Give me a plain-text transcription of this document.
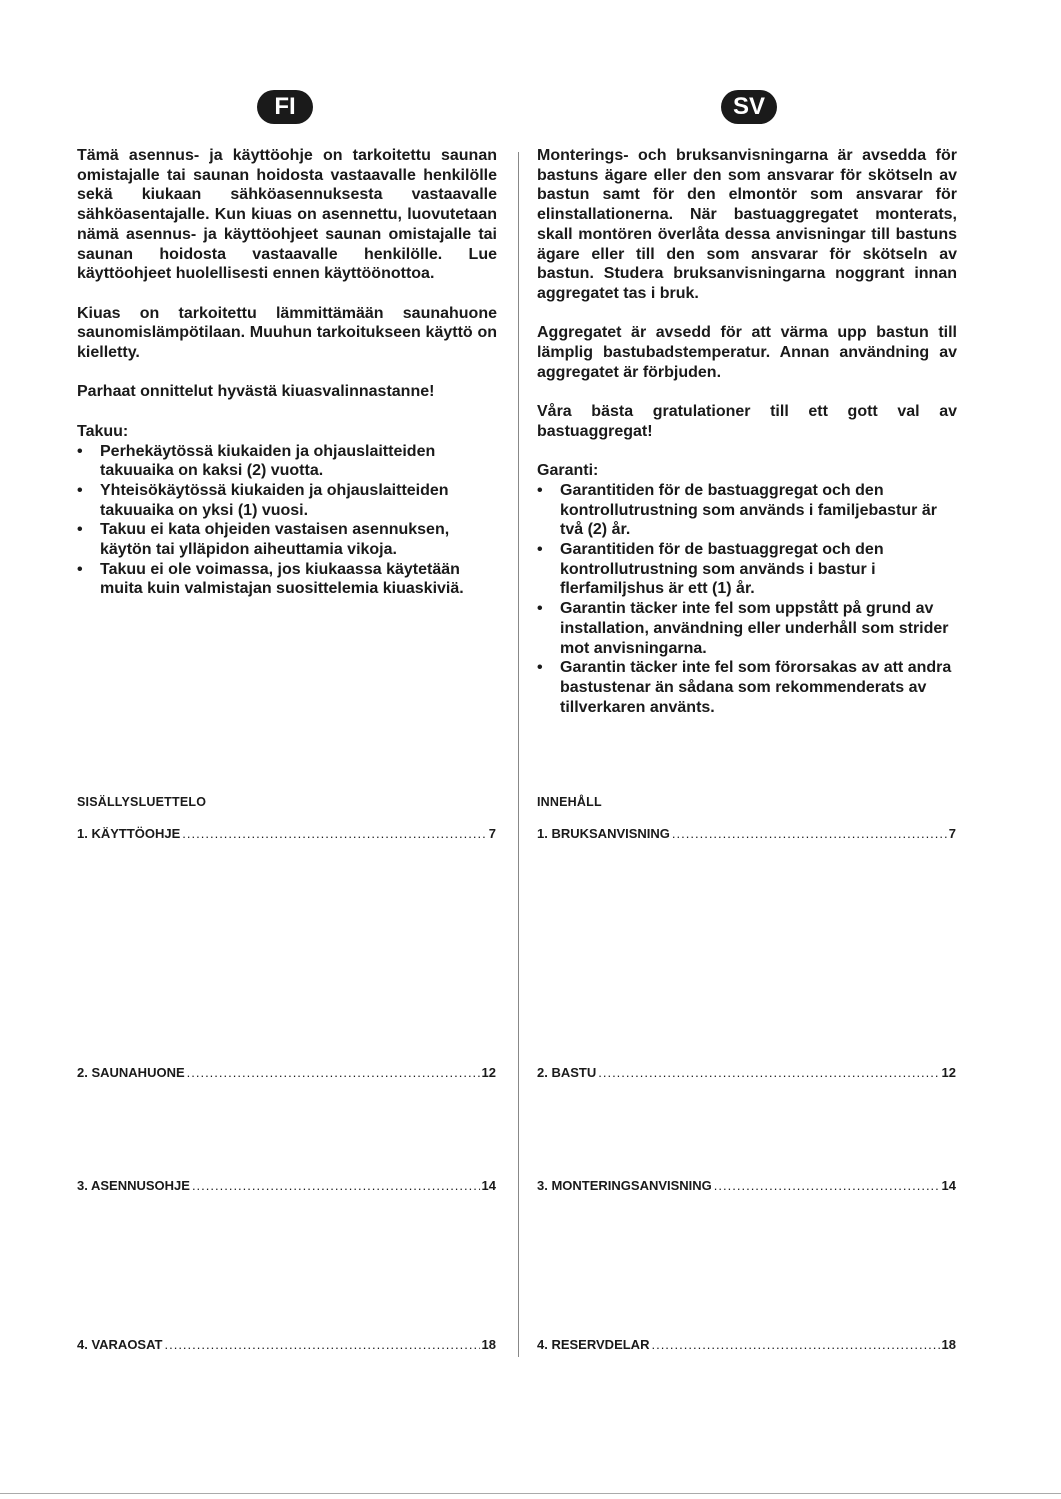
FI	SV

Tämä asennus- ja käyttöohje on tarkoitettu saunan omistajalle tai saunan hoidosta vastaavalle henkilölle sekä kiukaan sähköasennuksesta vastaavalle sähköasentajalle. Kun kiuas on asennettu, luovutetaan nämä asennus- ja käyttöohjeet saunan omistajalle tai saunan hoidosta vastaavalle henkilölle. Lue käyttöohjeet huolellisesti ennen käyttöönottoa.

Kiuas on tarkoitettu lämmittämään saunahuone saunomislämpötilaan. Muuhun tarkoitukseen käyttö on kielletty.

Parhaat onnittelut hyvästä kiuasvalinnastanne!

Takuu:

• Perhekäytössä kiukaiden ja ohjauslaitteiden takuuaika on kaksi (2) vuotta.
• Yhteisökäytössä kiukaiden ja ohjauslaitteiden takuuaika on yksi (1) vuosi.
• Takuu ei kata ohjeiden vastaisen asennuksen, käytön tai ylläpidon aiheuttamia vikoja.
• Takuu ei ole voimassa, jos kiukaassa käytetään muita kuin valmistajan suosittelemia kiuaskiviä.
SISÄLLYSLUETTELO
1. KÄYTTÖOHJE .....	7
2. SAUNAHUONE .....	12
3. ASENNUSOHJE .....	14
4. VARAOSAT .....	18

Monterings- och bruksanvisningarna är avsedda för bastuns ägare eller den som ansvarar för skötseln av bastun samt för den elmontör som ansvarar för elinstallationerna. När bastuaggregatet monterats, skall montören överlåta dessa anvisningar till bastuns ägare eller till den som ansvarar för skötseln av bastun. Studera bruksanvisningarna noggrant innan aggregatet tas i bruk.

Aggregatet är avsedd för att värma upp bastun till lämplig bastubadstemperatur. Annan användning av aggregatet är förbjuden.

Våra bästa gratulationer till ett gott val av bastuaggregat!

Garanti:

• Garantitiden för de bastuaggregat och den kontrollutrustning som används i familjebastur är två (2) år.
• Garantitiden för de bastuaggregat och den kontrollutrustning som används i bastur i flerfamiljshus är ett (1) år.
• Garantin täcker inte fel som uppstått på grund av installation, användning eller underhåll som strider mot anvisningarna.
• Garantin täcker inte fel som förorsakas av att andra bastustenar än sådana som rekommenderats av tillverkaren använts.
INNEHÅLL
1. BRUKSANVISNING .....	7
2. BASTU .....	12
3. MONTERINGSANVISNING .....	14
4. RESERVDELAR .....	18
